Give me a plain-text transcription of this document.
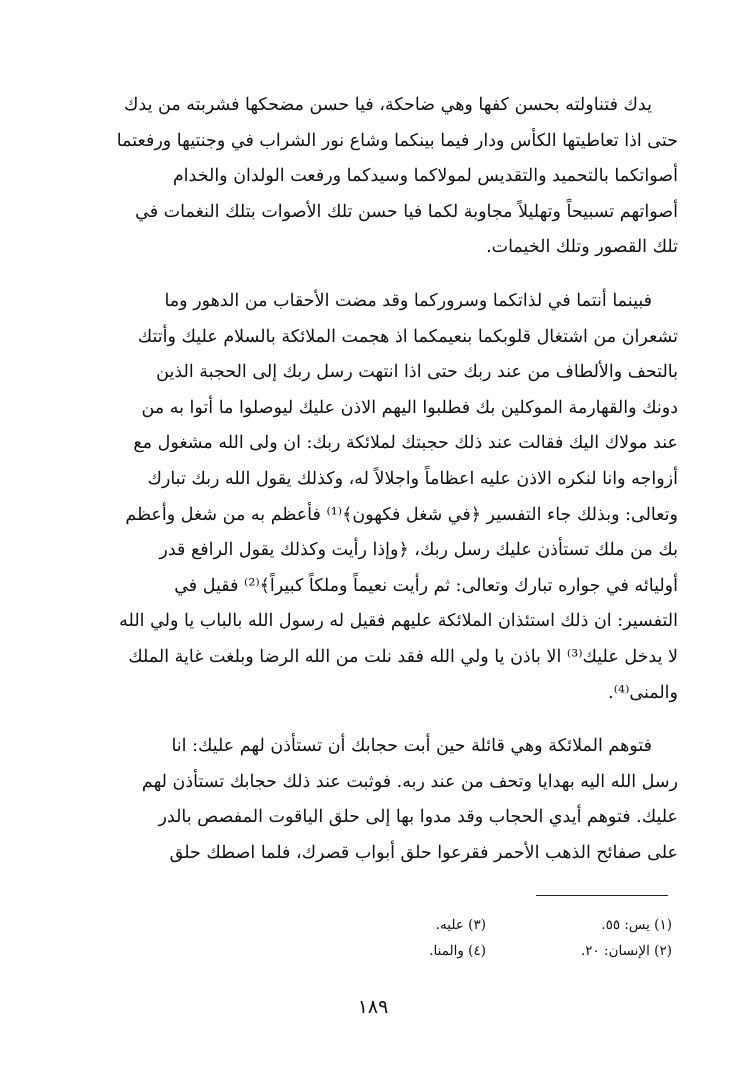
يدك فتناولته بحسن كفها وهي ضاحكة، فيا حسن مضحكها فشربته من يدك
حتى اذا تعاطيتها الكأس ودار فيما بينكما وشاع نور الشراب في وجنتيها ورفعتما
أصواتكما بالتحميد والتقديس لمولاكما وسيدكما ورفعت الولدان والخدام
أصواتهم تسبيحاً وتهليلاً مجاوبة لكما فيا حسن تلك الأصوات بتلك النغمات في
تلك القصور وتلك الخيمات.
فبينما أنتما في لذاتكما وسروركما وقد مضت الأحقاب من الدهور وما
تشعران من اشتغال قلوبكما بنعيمكما اذ هجمت الملائكة بالسلام عليك وأتتك
بالتحف والألطاف من عند ربك حتى اذا انتهت رسل ربك إلى الحجبة الذين
دونك والقهارمة الموكلين بك فطلبوا اليهم الاذن عليك ليوصلوا ما أتوا به من
عند مولاك اليك فقالت عند ذلك حجبتك لملائكة ربك: ان ولى الله مشغول مع
أزواجه وانا لنكره الاذن عليه اعظاماً واجلالاً له، وكذلك يقول الله ربك تبارك
وتعالى: وبذلك جاء التفسير ﴿في شغل فكهون﴾⁽¹⁾ فأعظم به من شغل وأعظم
بك من ملك تستأذن عليك رسل ربك، ﴿وإذا رأيت وكذلك يقول الرافع قدر
أوليائه في جواره تبارك وتعالى: ثم رأيت نعيماً وملكاً كبيراً﴾⁽²⁾ فقيل في
التفسير: ان ذلك استئذان الملائكة عليهم فقيل له رسول الله بالباب يا ولي الله
لا يدخل عليك⁽³⁾ الا باذن يا ولي الله فقد نلت من الله الرضا وبلغت غاية الملك
والمنى⁽⁴⁾.
فتوهم الملائكة وهي قائلة حين أبت حجابك أن تستأذن لهم عليك: انا
رسل الله اليه بهدايا وتحف من عند ربه. فوثبت عند ذلك حجابك تستأذن لهم
عليك. فتوهم أيدي الحجاب وقد مدوا بها إلى حلق الياقوت المفصص بالدر
على صفائح الذهب الأحمر فقرعوا حلق أبواب قصرك، فلما اصطك حلق
(١) يس: ٥٥.
(٣) عليه.
(٢) الإنسان: ٢٠.
(٤) والمنا.
١٨٩
